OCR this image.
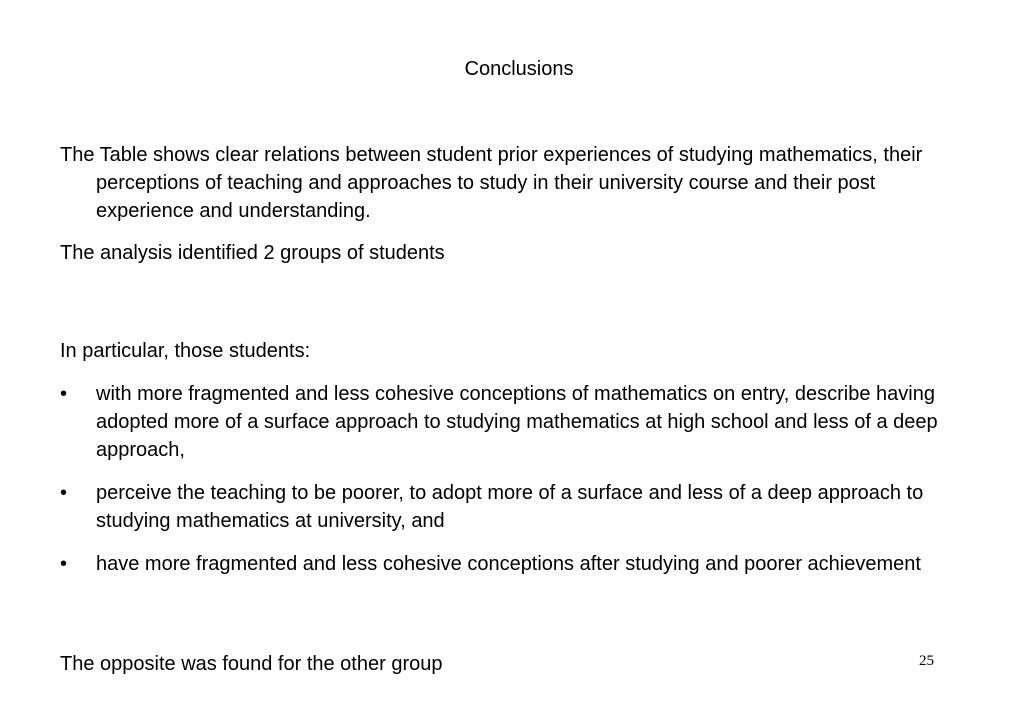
Conclusions

The Table shows clear relations between student prior experiences of studying mathematics, their perceptions of teaching and approaches to study in their university course and their post experience and understanding.

The analysis identified 2 groups of students

In particular, those students:

• with more fragmented and less cohesive conceptions of mathematics on entry, describe having adopted more of a surface approach to studying mathematics at high school and less of a deep approach,
• perceive the teaching to be poorer, to adopt more of a surface and less of a deep approach to studying mathematics at university, and
• have more fragmented and less cohesive conceptions after studying and poorer achievement
The opposite was found for the other group	25
